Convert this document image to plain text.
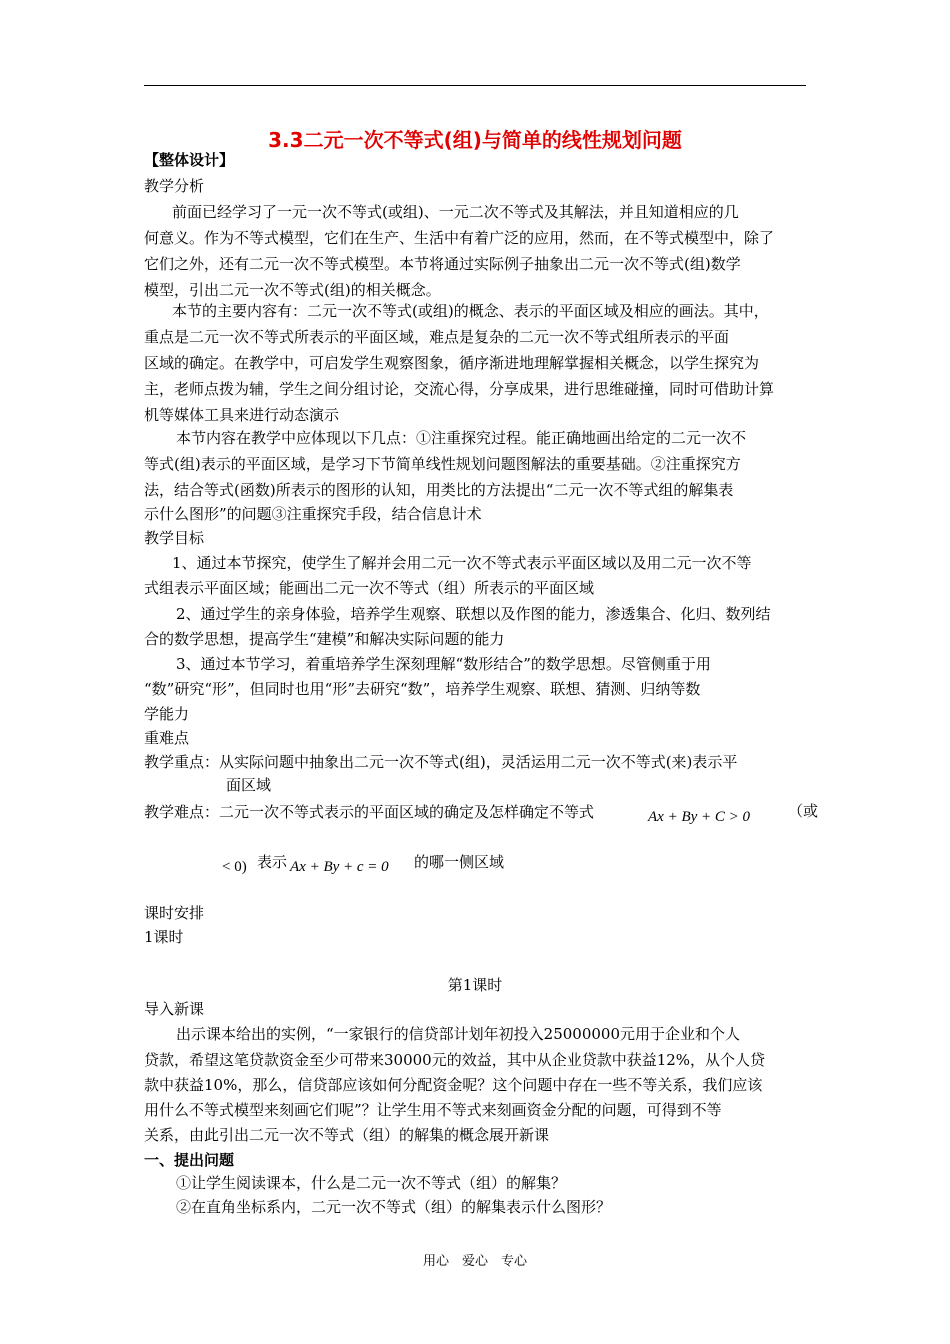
3.3二元一次不等式(组)与简单的线性规划问题
【整体设计】
教学分析
前面已经学习了一元一次不等式(或组)、一元二次不等式及其解法，并且知道相应的几
何意义。作为不等式模型，它们在生产、生活中有着广泛的应用，然而，在不等式模型中，除了
它们之外，还有二元一次不等式模型。本节将通过实际例子抽象出二元一次不等式(组)数学
模型，引出二元一次不等式(组)的相关概念。
本节的主要内容有：二元一次不等式(或组)的概念、表示的平面区域及相应的画法。其中，
重点是二元一次不等式所表示的平面区域，难点是复杂的二元一次不等式组所表示的平面
区域的确定。在教学中，可启发学生观察图象，循序渐进地理解掌握相关概念，以学生探究为
主，老师点拨为辅，学生之间分组讨论，交流心得，分享成果，进行思维碰撞，同时可借助计算
机等媒体工具来进行动态演示
本节内容在教学中应体现以下几点：①注重探究过程。能正确地画出给定的二元一次不
等式(组)表示的平面区域，是学习下节简单线性规划问题图解法的重要基础。②注重探究方
法，结合等式(函数)所表示的图形的认知，用类比的方法提出“二元一次不等式组的解集表
示什么图形”的问题③注重探究手段，结合信息计术
教学目标
1、通过本节探究，使学生了解并会用二元一次不等式表示平面区域以及用二元一次不等
式组表示平面区域；能画出二元一次不等式（组）所表示的平面区域
2、通过学生的亲身体验，培养学生观察、联想以及作图的能力，渗透集合、化归、数列结
合的数学思想，提高学生“建模”和解决实际问题的能力
3、通过本节学习，着重培养学生深刻理解“数形结合”的数学思想。尽管侧重于用
“数”研究“形”，但同时也用“形”去研究“数”，培养学生观察、联想、猜测、归纳等数
学能力
重难点
教学重点：从实际问题中抽象出二元一次不等式(组)，灵活运用二元一次不等式(来)表示平
面区域
教学难点：二元一次不等式表示的平面区域的确定及怎样确定不等式	Ax + By + C > 0	（或
< 0) 表示 Ax + By + c = 0 的哪一侧区域
课时安排
1课时
第1课时
导入新课
出示课本给出的实例，“一家银行的信贷部计划年初投入25000000元用于企业和个人
贷款，希望这笔贷款资金至少可带来30000元的效益，其中从企业贷款中获益12%，从个人贷
款中获益10%，那么，信贷部应该如何分配资金呢？这个问题中存在一些不等关系，我们应该
用什么不等式模型来刻画它们呢”？让学生用不等式来刻画资金分配的问题，可得到不等
关系，由此引出二元一次不等式（组）的解集的概念展开新课
一、提出问题
①让学生阅读课本，什么是二元一次不等式（组）的解集？
②在直角坐标系内，二元一次不等式（组）的解集表示什么图形？
用心　爱心　专心
